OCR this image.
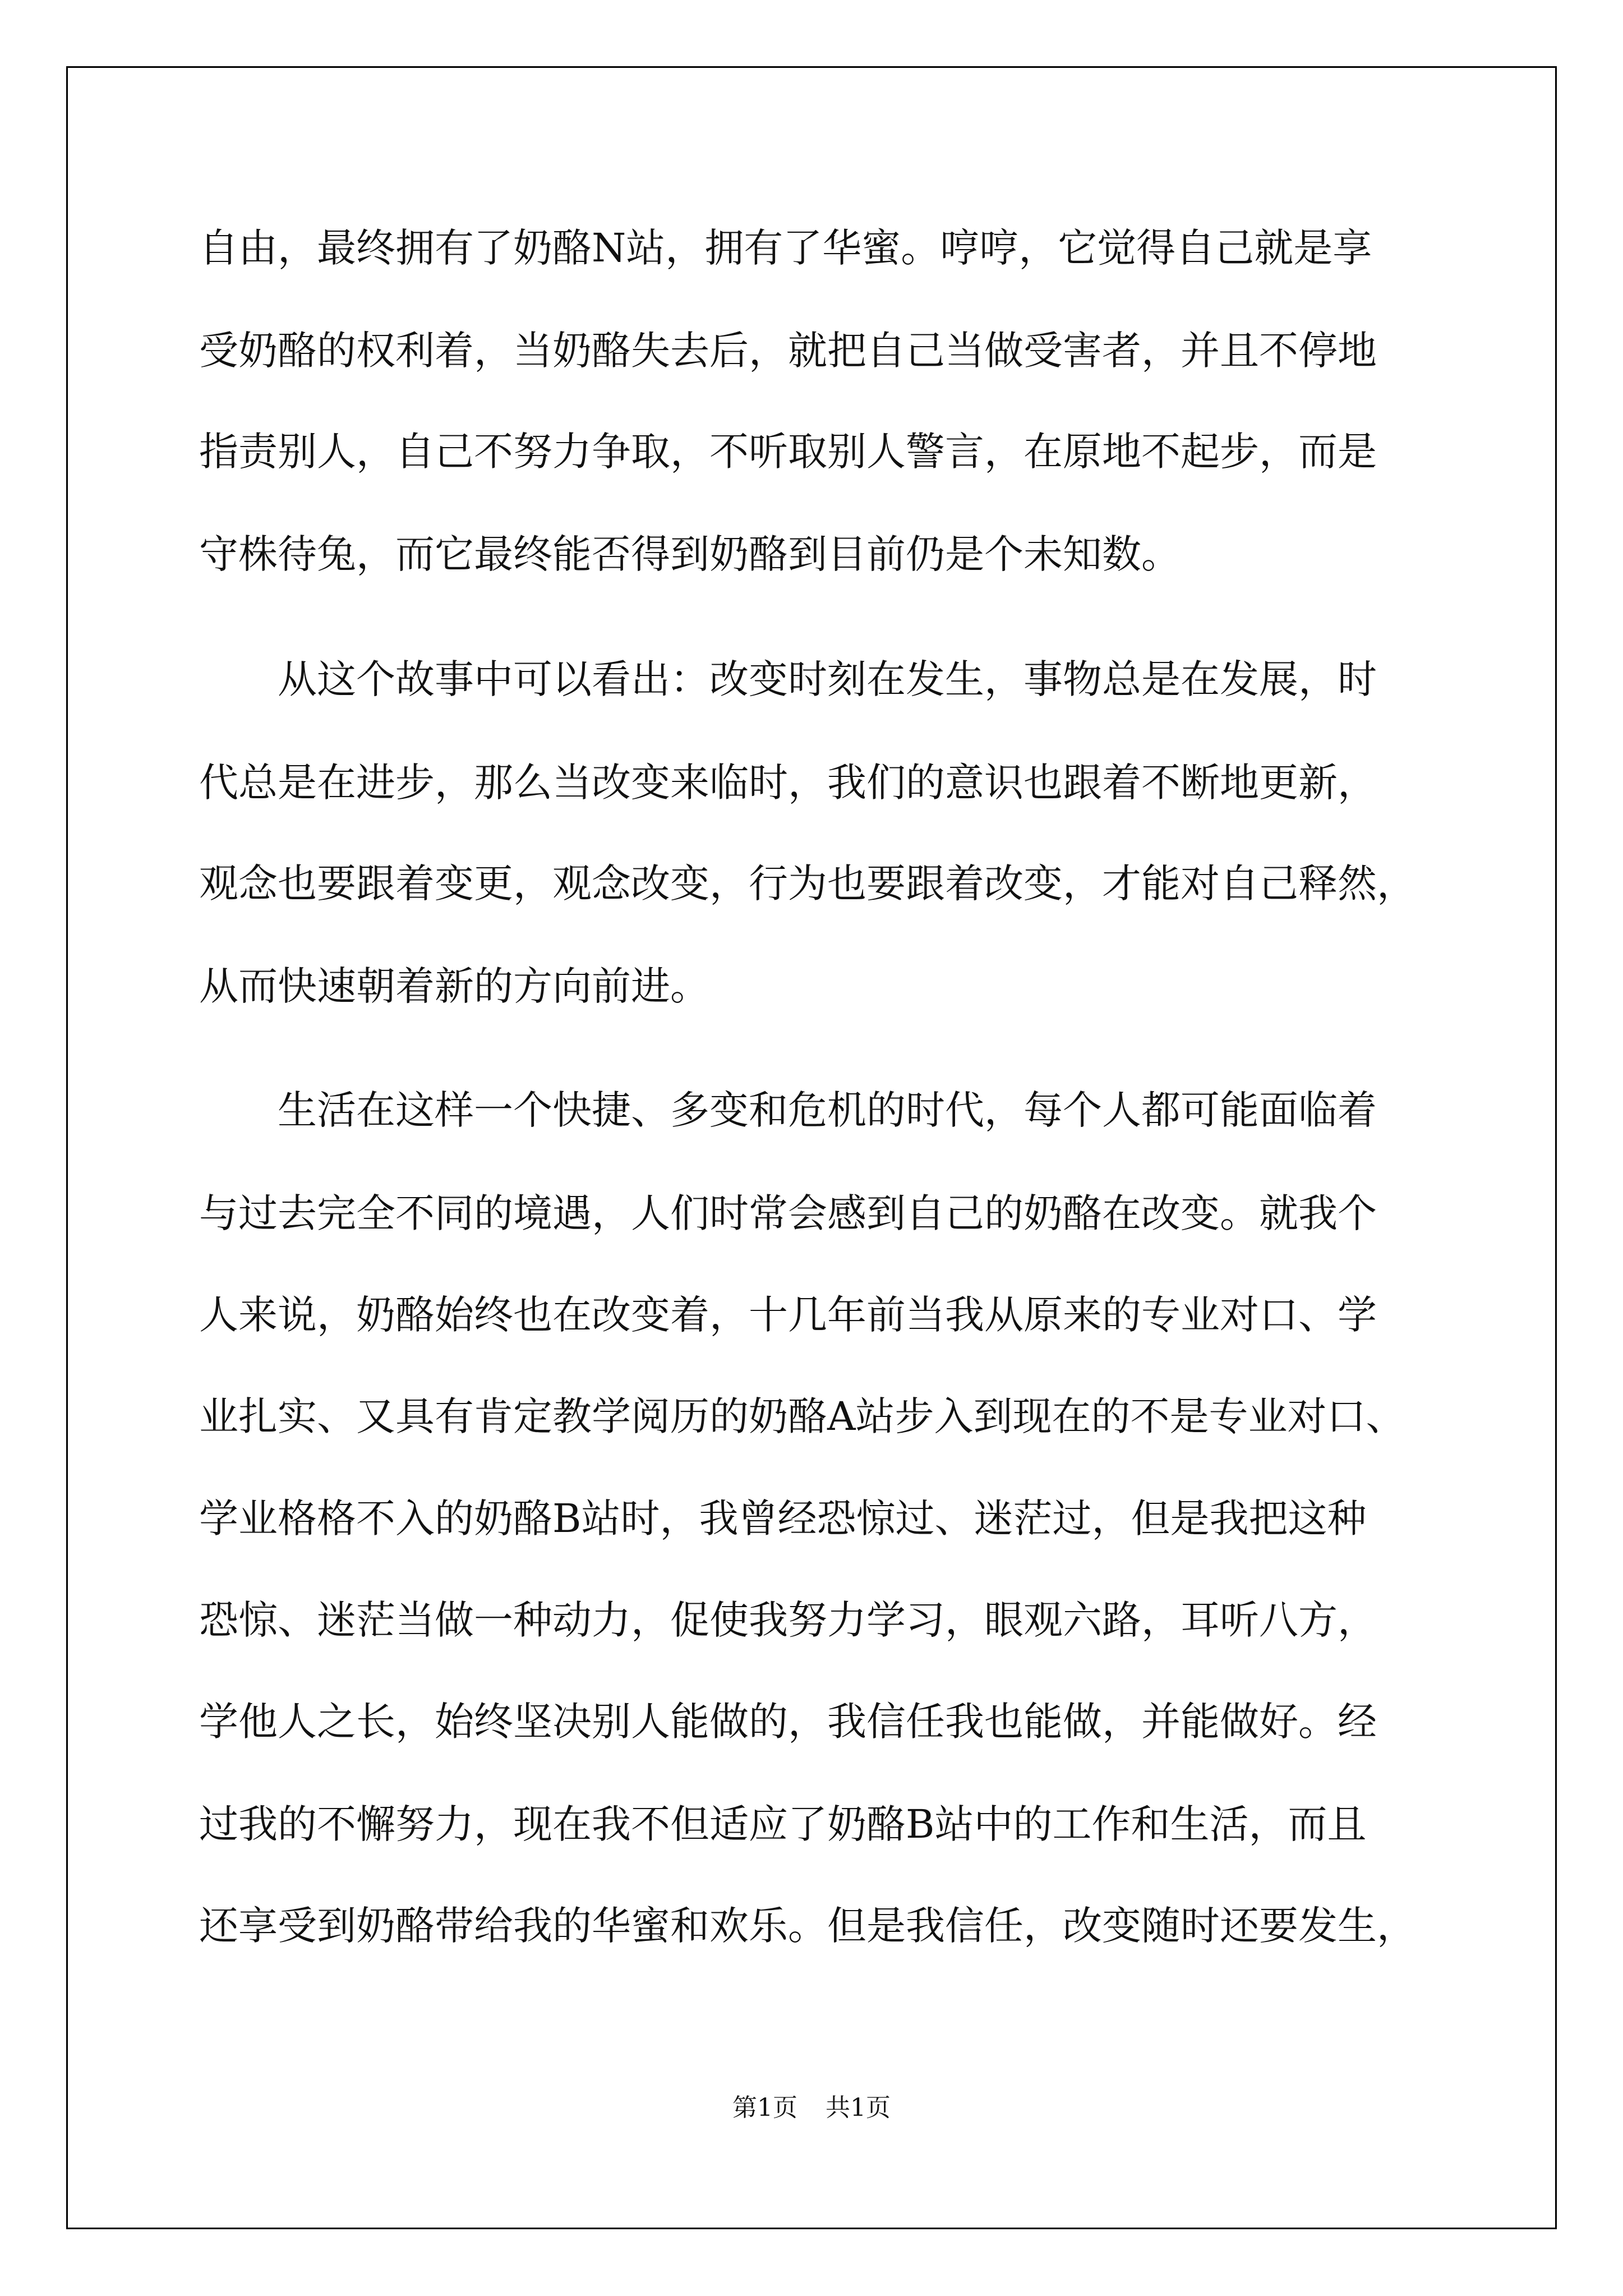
自由，最终拥有了奶酪N站，拥有了华蜜。哼哼，它觉得自己就是享

受奶酪的权利着，当奶酪失去后，就把自己当做受害者，并且不停地

指责别人，自己不努力争取，不听取别人警言，在原地不起步，而是

守株待兔，而它最终能否得到奶酪到目前仍是个未知数。

从这个故事中可以看出：改变时刻在发生，事物总是在发展，时

代总是在进步，那么当改变来临时，我们的意识也跟着不断地更新，

观念也要跟着变更，观念改变，行为也要跟着改变，才能对自己释然，

从而快速朝着新的方向前进。

生活在这样一个快捷、多变和危机的时代，每个人都可能面临着

与过去完全不同的境遇，人们时常会感到自己的奶酪在改变。就我个

人来说，奶酪始终也在改变着，十几年前当我从原来的专业对口、学

业扎实、又具有肯定教学阅历的奶酪A站步入到现在的不是专业对口、

学业格格不入的奶酪B站时，我曾经恐惊过、迷茫过，但是我把这种

恐惊、迷茫当做一种动力，促使我努力学习，眼观六路，耳听八方，

学他人之长，始终坚决别人能做的，我信任我也能做，并能做好。经

过我的不懈努力，现在我不但适应了奶酪B站中的工作和生活，而且

还享受到奶酪带给我的华蜜和欢乐。但是我信任，改变随时还要发生，

第1页 共1页
